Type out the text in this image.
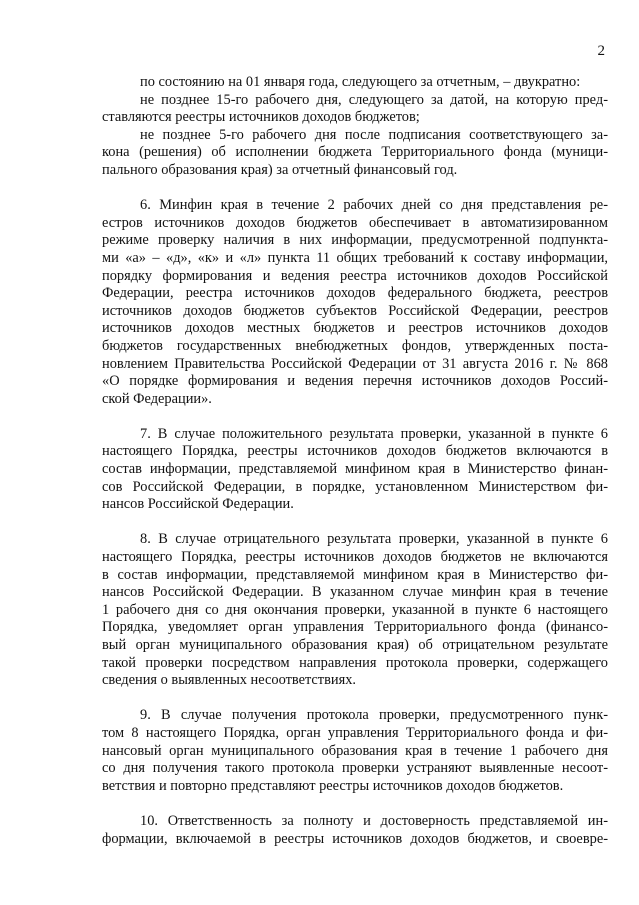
2

по состоянию на 01 января года, следующего за отчетным, – двукратно:

не позднее 15-го рабочего дня, следующего за датой, на которую пред-
ставляются реестры источников доходов бюджетов;

не позднее 5-го рабочего дня после подписания соответствующего за-
кона (решения) об исполнении бюджета Территориального фонда (муници-
пального образования края) за отчетный финансовый год.

6. Минфин края в течение 2 рабочих дней со дня представления ре-
естров источников доходов бюджетов обеспечивает в автоматизированном
режиме проверку наличия в них информации, предусмотренной подпункта-
ми «а» – «д», «к» и «л» пункта 11 общих требований к составу информации,
порядку формирования и ведения реестра источников доходов Российской
Федерации, реестра источников доходов федерального бюджета, реестров
источников доходов бюджетов субъектов Российской Федерации, реестров
источников доходов местных бюджетов и реестров источников доходов
бюджетов государственных внебюджетных фондов, утвержденных поста-
новлением Правительства Российской Федерации от 31 августа 2016 г. № 868
«О порядке формирования и ведения перечня источников доходов Россий-
ской Федерации».

7. В случае положительного результата проверки, указанной в пункте 6
настоящего Порядка, реестры источников доходов бюджетов включаются в
состав информации, представляемой минфином края в Министерство финан-
сов Российской Федерации, в порядке, установленном Министерством фи-
нансов Российской Федерации.

8. В случае отрицательного результата проверки, указанной в пункте 6
настоящего Порядка, реестры источников доходов бюджетов не включаются
в состав информации, представляемой минфином края в Министерство фи-
нансов Российской Федерации. В указанном случае минфин края в течение
1 рабочего дня со дня окончания проверки, указанной в пункте 6 настоящего
Порядка, уведомляет орган управления Территориального фонда (финансо-
вый орган муниципального образования края) об отрицательном результате
такой проверки посредством направления протокола проверки, содержащего
сведения о выявленных несоответствиях.

9. В случае получения протокола проверки, предусмотренного пунк-
том 8 настоящего Порядка, орган управления Территориального фонда и фи-
нансовый орган муниципального образования края в течение 1 рабочего дня
со дня получения такого протокола проверки устраняют выявленные несоот-
ветствия и повторно представляют реестры источников доходов бюджетов.

10. Ответственность за полноту и достоверность представляемой ин-
формации, включаемой в реестры источников доходов бюджетов, и своевре-
